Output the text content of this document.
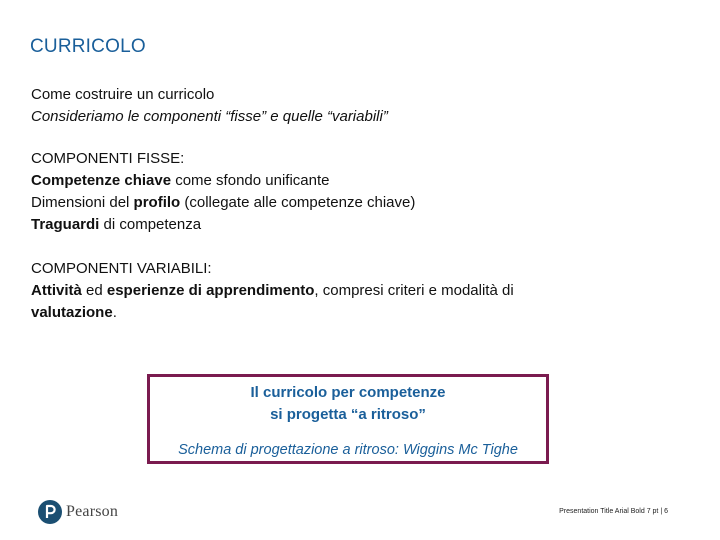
CURRICOLO

Come costruire un curricolo

Consideriamo le componenti “fisse” e quelle “variabili”

COMPONENTI FISSE:

Competenze chiave come sfondo unificante

Dimensioni del profilo (collegate alle competenze chiave)

Traguardi di competenza

COMPONENTI VARIABILI:

Attività ed esperienze di apprendimento, compresi criteri e modalità di valutazione.

Il curricolo per competenze
si progetta “a ritroso”
Schema di progettazione a ritroso: Wiggins Mc Tighe
Pearson	Presentation Title Arial Bold 7 pt | 6
